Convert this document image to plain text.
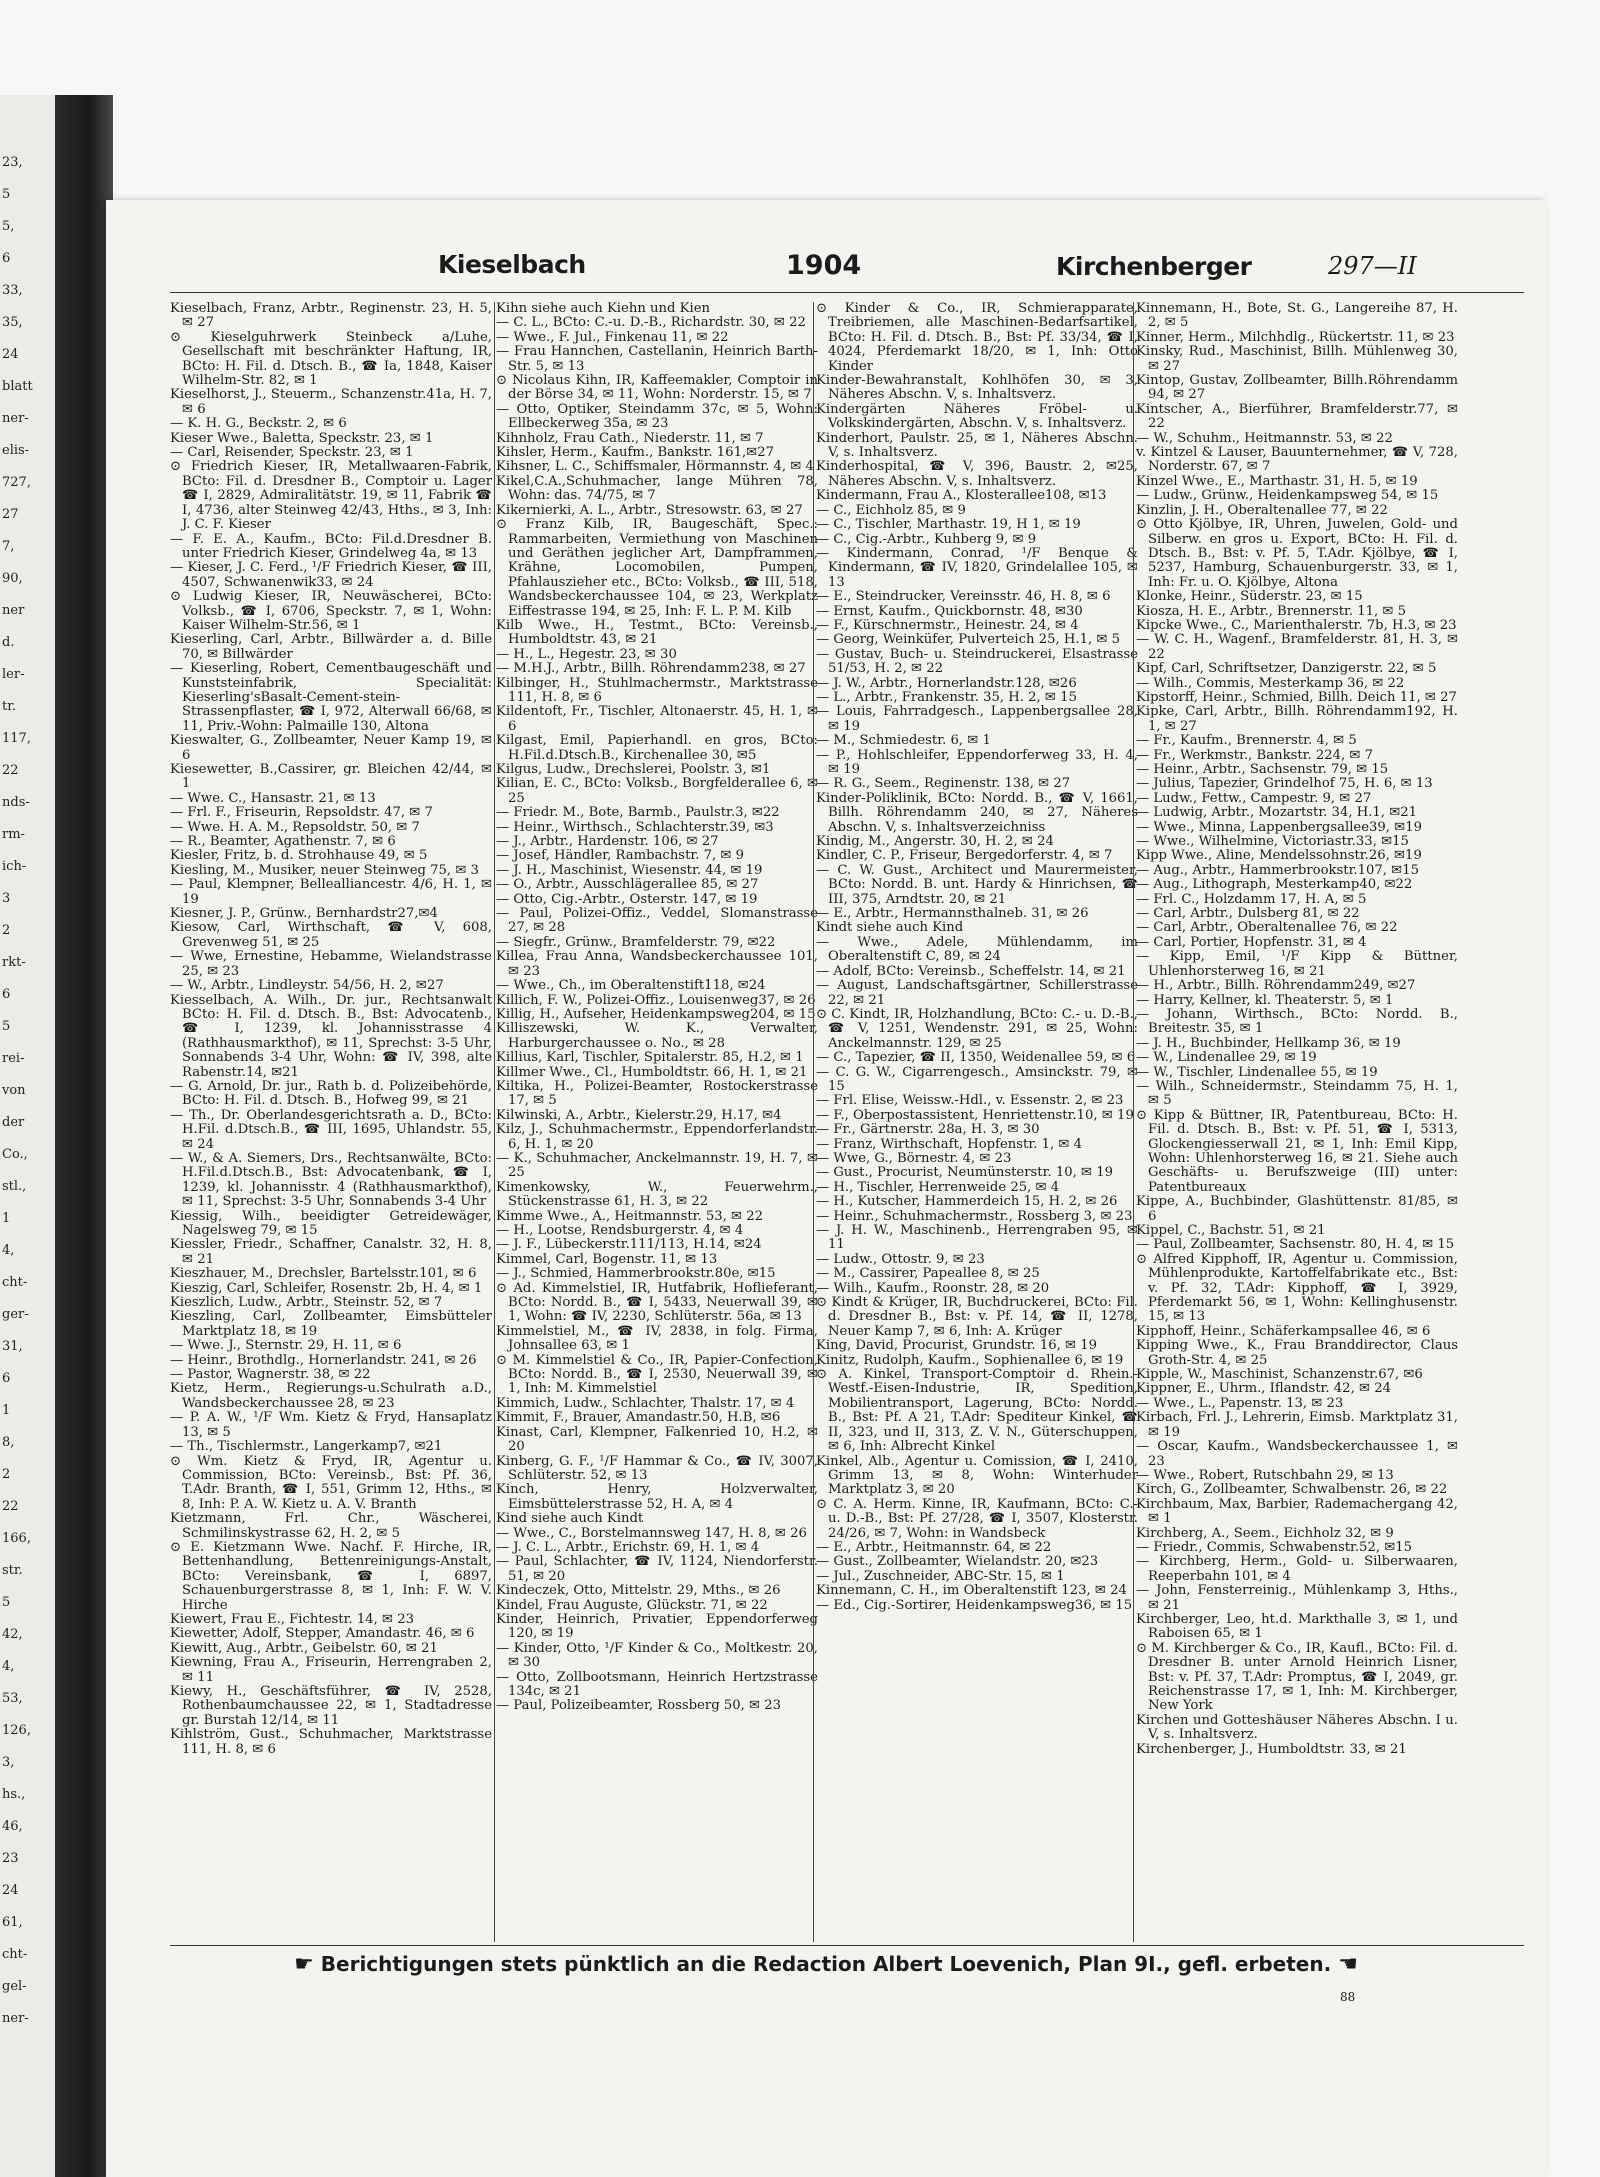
23,
5
5,
6
33,
35,
24
blatt
ner-
elis-
727,
27
7,
90,
ner
d.
ler-
tr.
117,
22
nds-
rm-
ich-
3
2
rkt-
6
5
rei-
von
der
Co.,
stl.,
1
4,
cht-
ger-
31,
6
1
8,
2
22
166,
str.
5
42,
4,
53,
126,
3,
hs.,
46,
23
24
61,
cht-
gel-
ner-
Kieselbach	1904	Kirchenberger	297—II

Kieselbach, Franz, Arbtr., Reginenstr. 23, H. 5, ✉ 27

⊙ Kieselguhrwerk Steinbeck a/Luhe, Gesellschaft mit beschränkter Haftung, IR, BCto: H. Fil. d. Dtsch. B., ☎ Ia, 1848, Kaiser Wilhelm-Str. 82, ✉ 1

Kieselhorst, J., Steuerm., Schanzenstr.41a, H. 7, ✉ 6

— K. H. G., Beckstr. 2, ✉ 6

Kieser Wwe., Baletta, Speckstr. 23, ✉ 1

— Carl, Reisender, Speckstr. 23, ✉ 1

⊙ Friedrich Kieser, IR, Metallwaaren-Fabrik, BCto: Fil. d. Dresdner B., Comptoir u. Lager ☎ I, 2829, Admiralitätstr. 19, ✉ 11, Fabrik ☎ I, 4736, alter Steinweg 42/43, Hths., ✉ 3, Inh: J. C. F. Kieser

— F. E. A., Kaufm., BCto: Fil.d.Dresdner B. unter Friedrich Kieser, Grindelweg 4a, ✉ 13

— Kieser, J. C. Ferd., ¹/F Friedrich Kieser, ☎ III, 4507, Schwanenwik33, ✉ 24

⊙ Ludwig Kieser, IR, Neuwäscherei, BCto: Volksb., ☎ I, 6706, Speckstr. 7, ✉ 1, Wohn: Kaiser Wilhelm-Str.56, ✉ 1

Kieserling, Carl, Arbtr., Billwärder a. d. Bille 70, ✉ Billwärder

— Kieserling, Robert, Cementbaugeschäft und Kunststeinfabrik, Specialität: Kieserling'sBasalt-Cement-stein-Strassenpflaster, ☎ I, 972, Alterwall 66/68, ✉ 11, Priv.-Wohn: Palmaille 130, Altona

Kieswalter, G., Zollbeamter, Neuer Kamp 19, ✉ 6

Kiesewetter, B.,Cassirer, gr. Bleichen 42/44, ✉ 1

— Wwe. C., Hansastr. 21, ✉ 13

— Frl. F., Friseurin, Repsoldstr. 47, ✉ 7

— Wwe. H. A. M., Repsoldstr. 50, ✉ 7

— R., Beamter, Agathenstr. 7, ✉ 6

Kiesler, Fritz, b. d. Strohhause 49, ✉ 5

Kiesling, M., Musiker, neuer Steinweg 75, ✉ 3

— Paul, Klempner, Bellealliancestr. 4/6, H. 1, ✉ 19

Kiesner, J. P., Grünw., Bernhardstr27,✉4

Kiesow, Carl, Wirthschaft, ☎ V, 608, Grevenweg 51, ✉ 25

— Wwe, Ernestine, Hebamme, Wielandstrasse 25, ✉ 23

— W., Arbtr., Lindleystr. 54/56, H. 2, ✉27

Kiesselbach, A. Wilh., Dr. jur., Rechtsanwalt BCto: H. Fil. d. Dtsch. B., Bst: Advocatenb., ☎ I, 1239, kl. Johannisstrasse 4 (Rathhausmarkthof), ✉ 11, Sprechst: 3-5 Uhr, Sonnabends 3-4 Uhr, Wohn: ☎ IV, 398, alte Rabenstr.14, ✉21

— G. Arnold, Dr. jur., Rath b. d. Polizeibehörde, BCto: H. Fil. d. Dtsch. B., Hofweg 99, ✉ 21

— Th., Dr. Oberlandesgerichtsrath a. D., BCto: H.Fil. d.Dtsch.B., ☎ III, 1695, Uhlandstr. 55, ✉ 24

— W., & A. Siemers, Drs., Rechtsanwälte, BCto: H.Fil.d.Dtsch.B., Bst: Advocatenbank, ☎ I, 1239, kl. Johannisstr. 4 (Rathhausmarkthof), ✉ 11, Sprechst: 3-5 Uhr, Sonnabends 3-4 Uhr

Kiessig, Wilh., beeidigter Getreidewäger, Nagelsweg 79, ✉ 15

Kiessler, Friedr., Schaffner, Canalstr. 32, H. 8, ✉ 21

Kieszhauer, M., Drechsler, Bartelsstr.101, ✉ 6

Kieszig, Carl, Schleifer, Rosenstr. 2b, H. 4, ✉ 1

Kieszlich, Ludw., Arbtr., Steinstr. 52, ✉ 7

Kieszling, Carl, Zollbeamter, Eimsbütteler Marktplatz 18, ✉ 19

— Wwe. J., Sternstr. 29, H. 11, ✉ 6

— Heinr., Brothdlg., Hornerlandstr. 241, ✉ 26

— Pastor, Wagnerstr. 38, ✉ 22

Kietz, Herm., Regierungs-u.Schulrath a.D., Wandsbeckerchaussee 28, ✉ 23

— P. A. W., ¹/F Wm. Kietz & Fryd, Hansaplatz 13, ✉ 5

— Th., Tischlermstr., Langerkamp7, ✉21

⊙ Wm. Kietz & Fryd, IR, Agentur u. Commission, BCto: Vereinsb., Bst: Pf. 36, T.Adr. Branth, ☎ I, 551, Grimm 12, Hths., ✉ 8, Inh: P. A. W. Kietz u. A. V. Branth

Kietzmann, Frl. Chr., Wäscherei, Schmilinskystrasse 62, H. 2, ✉ 5

⊙ E. Kietzmann Wwe. Nachf. F. Hirche, IR, Bettenhandlung, Bettenreinigungs-Anstalt, BCto: Vereinsbank, ☎ I, 6897, Schauenburgerstrasse 8, ✉ 1, Inh: F. W. V. Hirche

Kiewert, Frau E., Fichtestr. 14, ✉ 23

Kiewetter, Adolf, Stepper, Amandastr. 46, ✉ 6

Kiewitt, Aug., Arbtr., Geibelstr. 60, ✉ 21

Kiewning, Frau A., Friseurin, Herrengraben 2, ✉ 11

Kiewy, H., Geschäftsführer, ☎ IV, 2528, Rothenbaumchaussee 22, ✉ 1, Stadtadresse gr. Burstah 12/14, ✉ 11

Kihlström, Gust., Schuhmacher, Marktstrasse 111, H. 8, ✉ 6

Kihn siehe auch Kiehn und Kien

— C. L., BCto: C.-u. D.-B., Richardstr. 30, ✉ 22

— Wwe., F. Jul., Finkenau 11, ✉ 22

— Frau Hannchen, Castellanin, Heinrich Barth-Str. 5, ✉ 13

⊙ Nicolaus Kihn, IR, Kaffeemakler, Comptoir in der Börse 34, ✉ 11, Wohn: Norderstr. 15, ✉ 7

— Otto, Optiker, Steindamm 37c, ✉ 5, Wohn: Ellbeckerweg 35a, ✉ 23

Kihnholz, Frau Cath., Niederstr. 11, ✉ 7

Kihsler, Herm., Kaufm., Bankstr. 161,✉27

Kihsner, L. C., Schiffsmaler, Hörmannstr. 4, ✉ 4

Kikel,C.A.,Schuhmacher, lange Mühren 78, Wohn: das. 74/75, ✉ 7

Kikernierki, A. L., Arbtr., Stresowstr. 63, ✉ 27

⊙ Franz Kilb, IR, Baugeschäft, Spec.: Rammarbeiten, Vermiethung von Maschinen und Geräthen jeglicher Art, Dampframmen, Krähne, Locomobilen, Pumpen, Pfahlauszieher etc., BCto: Volksb., ☎ III, 518, Wandsbeckerchaussee 104, ✉ 23, Werkplatz Eiffestrasse 194, ✉ 25, Inh: F. L. P. M. Kilb

Kilb Wwe., H., Testmt., BCto: Vereinsb., Humboldtstr. 43, ✉ 21

— H., L., Hegestr. 23, ✉ 30

— M.H.J., Arbtr., Billh. Röhrendamm238, ✉ 27

Kilbinger, H., Stuhlmachermstr., Marktstrasse 111, H. 8, ✉ 6

Kildentoft, Fr., Tischler, Altonaerstr. 45, H. 1, ✉ 6

Kilgast, Emil, Papierhandl. en gros, BCto: H.Fil.d.Dtsch.B., Kirchenallee 30, ✉5

Kilgus, Ludw., Drechslerei, Poolstr. 3, ✉1

Kilian, E. C., BCto: Volksb., Borgfelderallee 6, ✉ 25

— Friedr. M., Bote, Barmb., Paulstr.3, ✉22

— Heinr., Wirthsch., Schlachterstr.39, ✉3

— J., Arbtr., Hardenstr. 106, ✉ 27

— Josef, Händler, Rambachstr. 7, ✉ 9

— J. H., Maschinist, Wiesenstr. 44, ✉ 19

— O., Arbtr., Ausschlägerallee 85, ✉ 27

— Otto, Cig.-Arbtr., Osterstr. 147, ✉ 19

— Paul, Polizei-Offiz., Veddel, Slomanstrasse 27, ✉ 28

— Siegfr., Grünw., Bramfelderstr. 79, ✉22

Killea, Frau Anna, Wandsbeckerchaussee 101, ✉ 23

— Wwe., Ch., im Oberaltenstift118, ✉24

Killich, F. W., Polizei-Offiz., Louisenweg37, ✉ 26

Killig, H., Aufseher, Heidenkampsweg204, ✉ 15

Killiszewski, W. K., Verwalter, Harburgerchaussee o. No., ✉ 28

Killius, Karl, Tischler, Spitalerstr. 85, H.2, ✉ 1

Killmer Wwe., Cl., Humboldtstr. 66, H. 1, ✉ 21

Kiltika, H., Polizei-Beamter, Rostockerstrasse 17, ✉ 5

Kilwinski, A., Arbtr., Kielerstr.29, H.17, ✉4

Kilz, J., Schuhmachermstr., Eppendorferlandstr. 6, H. 1, ✉ 20

— K., Schuhmacher, Anckelmannstr. 19, H. 7, ✉ 25

Kimenkowsky, W., Feuerwehrm., Stückenstrasse 61, H. 3, ✉ 22

Kimme Wwe., A., Heitmannstr. 53, ✉ 22

— H., Lootse, Rendsburgerstr. 4, ✉ 4

— J. F., Lübeckerstr.111/113, H.14, ✉24

Kimmel, Carl, Bogenstr. 11, ✉ 13

— J., Schmied, Hammerbrookstr.80e, ✉15

⊙ Ad. Kimmelstiel, IR, Hutfabrik, Hoflieferant, BCto: Nordd. B., ☎ I, 5433, Neuerwall 39, ✉ 1, Wohn: ☎ IV, 2230, Schlüterstr. 56a, ✉ 13

Kimmelstiel, M., ☎ IV, 2838, in folg. Firma, Johnsallee 63, ✉ 1

⊙ M. Kimmelstiel & Co., IR, Papier-Confection, BCto: Nordd. B., ☎ I, 2530, Neuerwall 39, ✉ 1, Inh: M. Kimmelstiel

Kimmich, Ludw., Schlachter, Thalstr. 17, ✉ 4

Kimmit, F., Brauer, Amandastr.50, H.B, ✉6

Kinast, Carl, Klempner, Falkenried 10, H.2, ✉ 20

Kinberg, G. F., ¹/F Hammar & Co., ☎ IV, 3007, Schlüterstr. 52, ✉ 13

Kinch, Henry, Holzverwalter, Eimsbüttelerstrasse 52, H. A, ✉ 4

Kind siehe auch Kindt

— Wwe., C., Borstelmannsweg 147, H. 8, ✉ 26

— J. C. L., Arbtr., Erichstr. 69, H. 1, ✉ 4

— Paul, Schlachter, ☎ IV, 1124, Niendorferstr. 51, ✉ 20

Kindeczek, Otto, Mittelstr. 29, Mths., ✉ 26

Kindel, Frau Auguste, Glückstr. 71, ✉ 22

Kinder, Heinrich, Privatier, Eppendorferweg 120, ✉ 19

— Kinder, Otto, ¹/F Kinder & Co., Moltkestr. 20, ✉ 30

— Otto, Zollbootsmann, Heinrich Hertzstrasse 134c, ✉ 21

— Paul, Polizeibeamter, Rossberg 50, ✉ 23

⊙ Kinder & Co., IR, Schmierapparate, Treibriemen, alle Maschinen-Bedarfsartikel, BCto: H. Fil. d. Dtsch. B., Bst: Pf. 33/34, ☎ I, 4024, Pferdemarkt 18/20, ✉ 1, Inh: Otto Kinder

Kinder-Bewahranstalt, Kohlhöfen 30, ✉ 3, Näheres Abschn. V, s. Inhaltsverz.

Kindergärten Näheres Fröbel- u. Volkskindergärten, Abschn. V, s. Inhaltsverz.

Kinderhort, Paulstr. 25, ✉ 1, Näheres Abschn. V, s. Inhaltsverz.

Kinderhospital, ☎ V, 396, Baustr. 2, ✉25, Näheres Abschn. V, s. Inhaltsverz.

Kindermann, Frau A., Klosterallee108, ✉13

— C., Eichholz 85, ✉ 9

— C., Tischler, Marthastr. 19, H 1, ✉ 19

— C., Cig.-Arbtr., Kuhberg 9, ✉ 9

— Kindermann, Conrad, ¹/F Benque & Kindermann, ☎ IV, 1820, Grindelallee 105, ✉ 13

— E., Steindrucker, Vereinsstr. 46, H. 8, ✉ 6

— Ernst, Kaufm., Quickbornstr. 48, ✉30

— F., Kürschnermstr., Heinestr. 24, ✉ 4

— Georg, Weinküfer, Pulverteich 25, H.1, ✉ 5

— Gustav, Buch- u. Steindruckerei, Elsastrasse 51/53, H. 2, ✉ 22

— J. W., Arbtr., Hornerlandstr.128, ✉26

— L., Arbtr., Frankenstr. 35, H. 2, ✉ 15

— Louis, Fahrradgesch., Lappenbergsallee 28, ✉ 19

— M., Schmiedestr. 6, ✉ 1

— P., Hohlschleifer, Eppendorferweg 33, H. 4, ✉ 19

— R. G., Seem., Reginenstr. 138, ✉ 27

Kinder-Poliklinik, BCto: Nordd. B., ☎ V, 1661, Billh. Röhrendamm 240, ✉ 27, Näheres Abschn. V, s. Inhaltsverzeichniss

Kindig, M., Angerstr. 30, H. 2, ✉ 24

Kindler, C. P., Friseur, Bergedorferstr. 4, ✉ 7

— C. W. Gust., Architect und Maurermeister, BCto: Nordd. B. unt. Hardy & Hinrichsen, ☎ III, 375, Arndtstr. 20, ✉ 21

— E., Arbtr., Hermannsthalneb. 31, ✉ 26

Kindt siehe auch Kind

— Wwe., Adele, Mühlendamm, im Oberaltenstift C, 89, ✉ 24

— Adolf, BCto: Vereinsb., Scheffelstr. 14, ✉ 21

— August, Landschaftsgärtner, Schillerstrasse 22, ✉ 21

⊙ C. Kindt, IR, Holzhandlung, BCto: C.- u. D.-B., ☎ V, 1251, Wendenstr. 291, ✉ 25, Wohn: Anckelmannstr. 129, ✉ 25

— C., Tapezier, ☎ II, 1350, Weidenallee 59, ✉ 6

— C. G. W., Cigarrengesch., Amsinckstr. 79, ✉ 15

— Frl. Elise, Weissw.-Hdl., v. Essenstr. 2, ✉ 23

— F., Oberpostassistent, Henriettenstr.10, ✉ 19

— Fr., Gärtnerstr. 28a, H. 3, ✉ 30

— Franz, Wirthschaft, Hopfenstr. 1, ✉ 4

— Wwe, G., Börnestr. 4, ✉ 23

— Gust., Procurist, Neumünsterstr. 10, ✉ 19

— H., Tischler, Herrenweide 25, ✉ 4

— H., Kutscher, Hammerdeich 15, H. 2, ✉ 26

— Heinr., Schuhmachermstr., Rossberg 3, ✉ 23

— J. H. W., Maschinenb., Herrengraben 95, ✉ 11

— Ludw., Ottostr. 9, ✉ 23

— M., Cassirer, Papeallee 8, ✉ 25

— Wilh., Kaufm., Roonstr. 28, ✉ 20

⊙ Kindt & Krüger, IR, Buchdruckerei, BCto: Fil. d. Dresdner B., Bst: v. Pf. 14, ☎ II, 1278, Neuer Kamp 7, ✉ 6, Inh: A. Krüger

King, David, Procurist, Grundstr. 16, ✉ 19

Kinitz, Rudolph, Kaufm., Sophienallee 6, ✉ 19

⊙ A. Kinkel, Transport-Comptoir d. Rhein.-Westf.-Eisen-Industrie, IR, Spedition, Mobilientransport, Lagerung, BCto: Nordd. B., Bst: Pf. A 21, T.Adr: Spediteur Kinkel, ☎ II, 323, und II, 313, Z. V. N., Güterschuppen, ✉ 6, Inh: Albrecht Kinkel

Kinkel, Alb., Agentur u. Comission, ☎ I, 2410, Grimm 13, ✉ 8, Wohn: Winterhuder Marktplatz 3, ✉ 20

⊙ C. A. Herm. Kinne, IR, Kaufmann, BCto: C.- u. D.-B., Bst: Pf. 27/28, ☎ I, 3507, Klosterstr. 24/26, ✉ 7, Wohn: in Wandsbeck

— E., Arbtr., Heitmannstr. 64, ✉ 22

— Gust., Zollbeamter, Wielandstr. 20, ✉23

— Jul., Zuschneider, ABC-Str. 15, ✉ 1

Kinnemann, C. H., im Oberaltenstift 123, ✉ 24

— Ed., Cig.-Sortirer, Heidenkampsweg36, ✉ 15

Kinnemann, H., Bote, St. G., Langereihe 87, H. 2, ✉ 5

Kinner, Herm., Milchhdlg., Rückertstr. 11, ✉ 23

Kinsky, Rud., Maschinist, Billh. Mühlenweg 30, ✉ 27

Kintop, Gustav, Zollbeamter, Billh.Röhrendamm 94, ✉ 27

Kintscher, A., Bierführer, Bramfelderstr.77, ✉ 22

— W., Schuhm., Heitmannstr. 53, ✉ 22

v. Kintzel & Lauser, Bauunternehmer, ☎ V, 728, Norderstr. 67, ✉ 7

Kinzel Wwe., E., Marthastr. 31, H. 5, ✉ 19

— Ludw., Grünw., Heidenkampsweg 54, ✉ 15

Kinzlin, J. H., Oberaltenallee 77, ✉ 22

⊙ Otto Kjölbye, IR, Uhren, Juwelen, Gold- und Silberw. en gros u. Export, BCto: H. Fil. d. Dtsch. B., Bst: v. Pf. 5, T.Adr. Kjölbye, ☎ I, 5237, Hamburg, Schauenburgerstr. 33, ✉ 1, Inh: Fr. u. O. Kjölbye, Altona

Klonke, Heinr., Süderstr. 23, ✉ 15

Kiosza, H. E., Arbtr., Brennerstr. 11, ✉ 5

Kipcke Wwe., C., Marienthalerstr. 7b, H.3, ✉ 23

— W. C. H., Wagenf., Bramfelderstr. 81, H. 3, ✉ 22

Kipf, Carl, Schriftsetzer, Danzigerstr. 22, ✉ 5

— Wilh., Commis, Mesterkamp 36, ✉ 22

Kipstorff, Heinr., Schmied, Billh. Deich 11, ✉ 27

Kipke, Carl, Arbtr., Billh. Röhrendamm192, H. 1, ✉ 27

— Fr., Kaufm., Brennerstr. 4, ✉ 5

— Fr., Werkmstr., Bankstr. 224, ✉ 7

— Heinr., Arbtr., Sachsenstr. 79, ✉ 15

— Julius, Tapezier, Grindelhof 75, H. 6, ✉ 13

— Ludw., Fettw., Campestr. 9, ✉ 27

— Ludwig, Arbtr., Mozartstr. 34, H.1, ✉21

— Wwe., Minna, Lappenbergsallee39, ✉19

— Wwe., Wilhelmine, Victoriastr.33, ✉15

Kipp Wwe., Aline, Mendelssohnstr.26, ✉19

— Aug., Arbtr., Hammerbrookstr.107, ✉15

— Aug., Lithograph, Mesterkamp40, ✉22

— Frl. C., Holzdamm 17, H. A, ✉ 5

— Carl, Arbtr., Dulsberg 81, ✉ 22

— Carl, Arbtr., Oberaltenallee 76, ✉ 22

— Carl, Portier, Hopfenstr. 31, ✉ 4

— Kipp, Emil, ¹/F Kipp & Büttner, Uhlenhorsterweg 16, ✉ 21

— H., Arbtr., Billh. Röhrendamm249, ✉27

— Harry, Kellner, kl. Theaterstr. 5, ✉ 1

— Johann, Wirthsch., BCto: Nordd. B., Breitestr. 35, ✉ 1

— J. H., Buchbinder, Hellkamp 36, ✉ 19

— W., Lindenallee 29, ✉ 19

— W., Tischler, Lindenallee 55, ✉ 19

— Wilh., Schneidermstr., Steindamm 75, H. 1, ✉ 5

⊙ Kipp & Büttner, IR, Patentbureau, BCto: H. Fil. d. Dtsch. B., Bst: v. Pf. 51, ☎ I, 5313, Glockengiesserwall 21, ✉ 1, Inh: Emil Kipp, Wohn: Uhlenhorsterweg 16, ✉ 21. Siehe auch Geschäfts- u. Berufszweige (III) unter: Patentbureaux

Kippe, A., Buchbinder, Glashüttenstr. 81/85, ✉ 6

Kippel, C., Bachstr. 51, ✉ 21

— Paul, Zollbeamter, Sachsenstr. 80, H. 4, ✉ 15

⊙ Alfred Kipphoff, IR, Agentur u. Commission, Mühlenprodukte, Kartoffelfabrikate etc., Bst: v. Pf. 32, T.Adr: Kipphoff, ☎ I, 3929, Pferdemarkt 56, ✉ 1, Wohn: Kellinghusenstr. 15, ✉ 13

Kipphoff, Heinr., Schäferkampsallee 46, ✉ 6

Kipping Wwe., K., Frau Branddirector, Claus Groth-Str. 4, ✉ 25

Kipple, W., Maschinist, Schanzenstr.67, ✉6

Kippner, E., Uhrm., Iflandstr. 42, ✉ 24

— Wwe., L., Papenstr. 13, ✉ 23

Kirbach, Frl. J., Lehrerin, Eimsb. Marktplatz 31, ✉ 19

— Oscar, Kaufm., Wandsbeckerchaussee 1, ✉ 23

— Wwe., Robert, Rutschbahn 29, ✉ 13

Kirch, G., Zollbeamter, Schwalbenstr. 26, ✉ 22

Kirchbaum, Max, Barbier, Rademachergang 42, ✉ 1

Kirchberg, A., Seem., Eichholz 32, ✉ 9

— Friedr., Commis, Schwabenstr.52, ✉15

— Kirchberg, Herm., Gold- u. Silberwaaren, Reeperbahn 101, ✉ 4

— John, Fensterreinig., Mühlenkamp 3, Hths., ✉ 21

Kirchberger, Leo, ht.d. Markthalle 3, ✉ 1, und Raboisen 65, ✉ 1

⊙ M. Kirchberger & Co., IR, Kaufl., BCto: Fil. d. Dresdner B. unter Arnold Heinrich Lisner, Bst: v. Pf. 37, T.Adr: Promptus, ☎ I, 2049, gr. Reichenstrasse 17, ✉ 1, Inh: M. Kirchberger, New York

Kirchen und Gotteshäuser Näheres Abschn. I u. V, s. Inhaltsverz.

Kirchenberger, J., Humboldtstr. 33, ✉ 21

☛ Berichtigungen stets pünktlich an die Redaction Albert Loevenich, Plan 9I., gefl. erbeten. ☚
88
